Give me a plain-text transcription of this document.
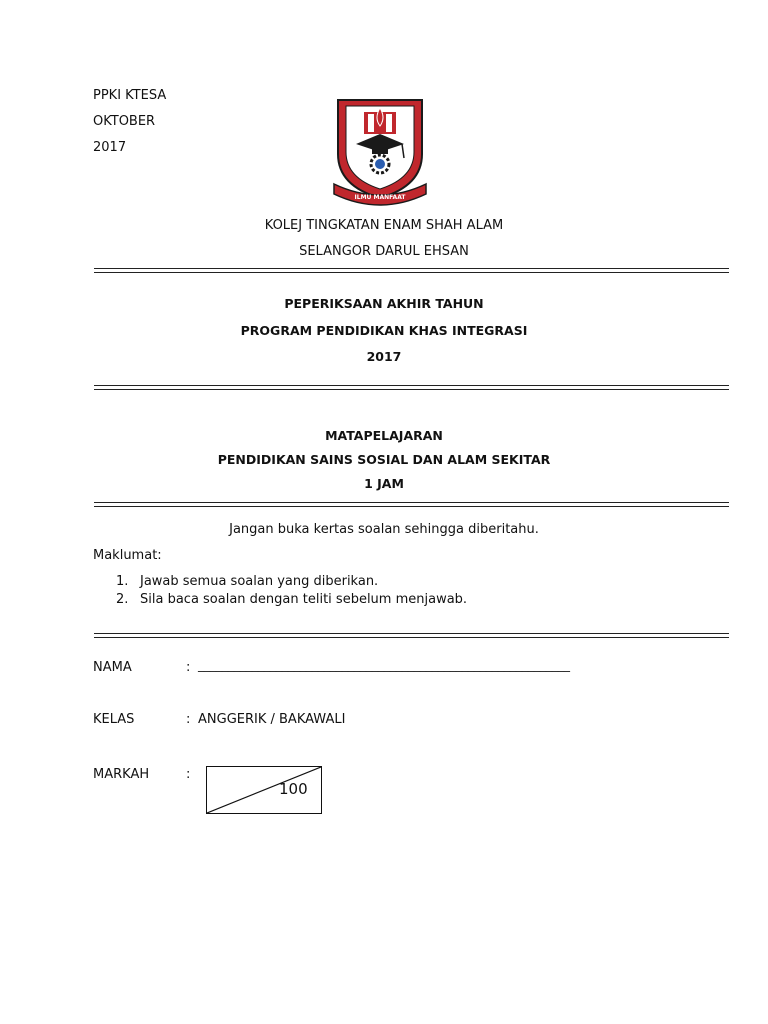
PPKI KTESA
OKTOBER
2017
ILMU MANFAAT
KOLEJ TINGKATAN ENAM SHAH ALAM
SELANGOR DARUL EHSAN
PEPERIKSAAN AKHIR TAHUN
PROGRAM PENDIDIKAN KHAS INTEGRASI
2017
MATAPELAJARAN
PENDIDIKAN SAINS SOSIAL DAN ALAM SEKITAR
1 JAM
Jangan buka kertas soalan sehingga diberitahu.
Maklumat:
1. Jawab semua soalan yang diberikan.
2. Sila baca soalan dengan teliti sebelum menjawab.
NAMA	: ______________________________________________________________
KELAS	: ANGGERIK / BAKAWALI
MARKAH	:
100
